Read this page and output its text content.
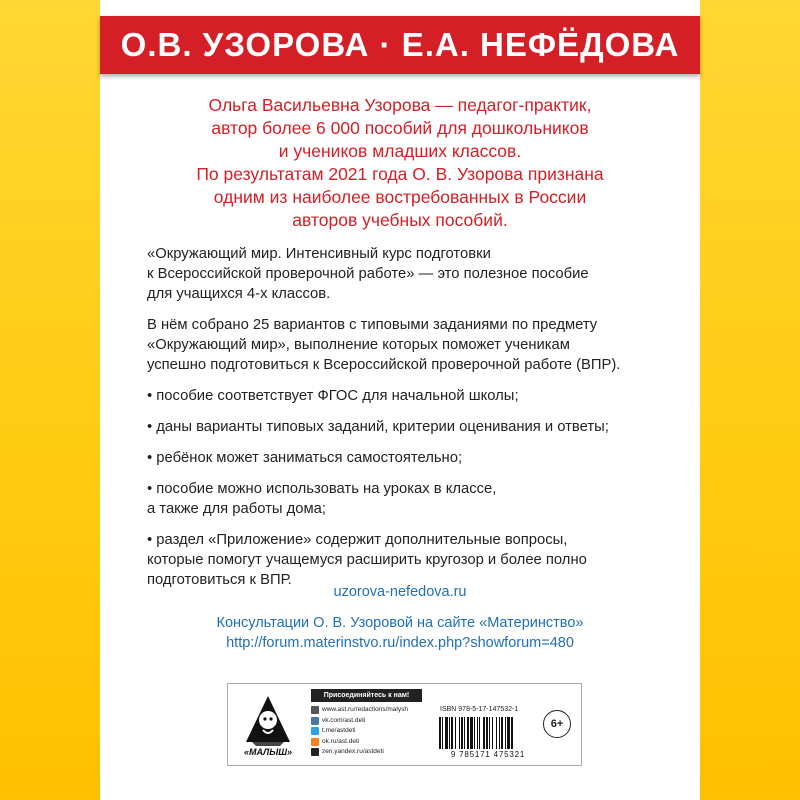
О.В. УЗОРОВА · Е.А. НЕФЁДОВА
Ольга Васильевна Узорова — педагог-практик,
автор более 6 000 пособий для дошкольников
и учеников младших классов.
По результатам 2021 года О. В. Узорова признана
одним из наиболее востребованных в России
авторов учебных пособий.

«Окружающий мир. Интенсивный курс подготовки
к Всероссийской проверочной работе» — это полезное пособие
для учащихся 4-х классов.

В нём собрано 25 вариантов с типовыми заданиями по предмету
«Окружающий мир», выполнение которых поможет ученикам
успешно подготовиться к Всероссийской проверочной работе (ВПР).

• пособие соответствует ФГОС для начальной школы;

• даны варианты типовых заданий, критерии оценивания и ответы;

• ребёнок может заниматься самостоятельно;

• пособие можно использовать на уроках в классе,
а также для работы дома;

• раздел «Приложение» содержит дополнительные вопросы,
которые помогут учащемуся расширить кругозор и более полно
подготовиться к ВПР.

uzorova-nefedova.ru
Консультации О. В. Узоровой на сайте «Материнство»
http://forum.materinstvo.ru/index.php?showforum=480
«МАЛЫШ»
Присоединяйтесь к нам!
www.ast.ru/redactions/malysh
vk.com/ast.deti
t.me/astdeti
ok.ru/ast.deti
zen.yandex.ru/astdeti
ISBN 978-5-17-147532-1
9 785171 475321
6+
